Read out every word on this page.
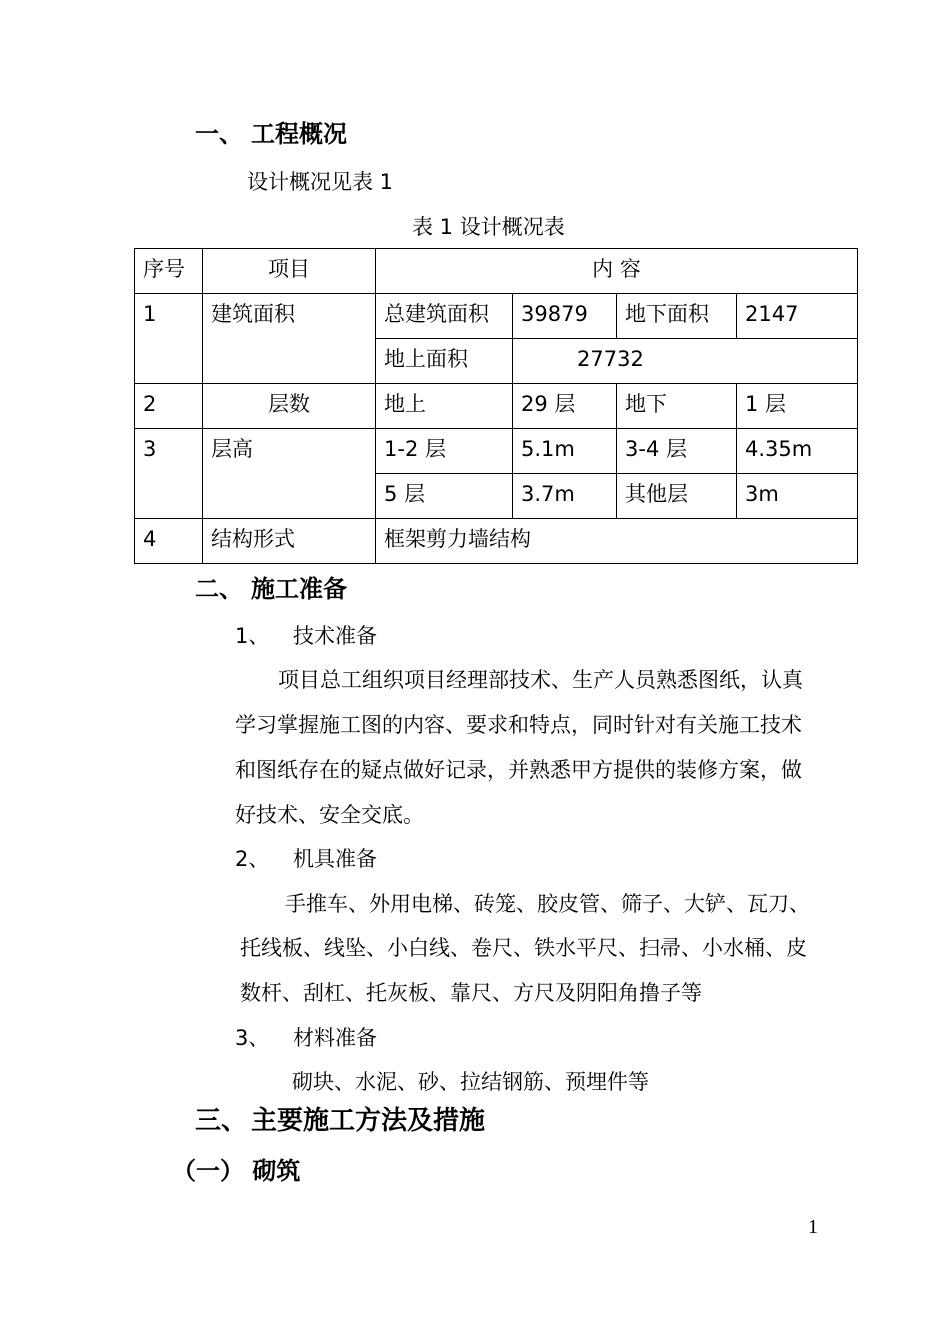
一、 工程概况
设计概况见表 1
表 1 设计概况表
序号	项目	内 容			
1	建筑面积	总建筑面积	39879	地下面积	2147
		地上面积	27732		
2	层数	地上	29 层	地下	1 层
3	层高	1-2 层	5.1m	3-4 层	4.35m
		5 层	3.7m	其他层	3m
4	结构形式	框架剪力墙结构			
二、 施工准备
1、 技术准备
项目总工组织项目经理部技术、生产人员熟悉图纸，认真
学习掌握施工图的内容、要求和特点，同时针对有关施工技术
和图纸存在的疑点做好记录，并熟悉甲方提供的装修方案，做
好技术、安全交底。
2、 机具准备
手推车、外用电梯、砖笼、胶皮管、筛子、大铲、瓦刀、
托线板、线坠、小白线、卷尺、铁水平尺、扫帚、小水桶、皮
数杆、刮杠、托灰板、靠尺、方尺及阴阳角撸子等
3、 材料准备
砌块、水泥、砂、拉结钢筋、预埋件等
三、 主要施工方法及措施
（一） 砌筑
1
